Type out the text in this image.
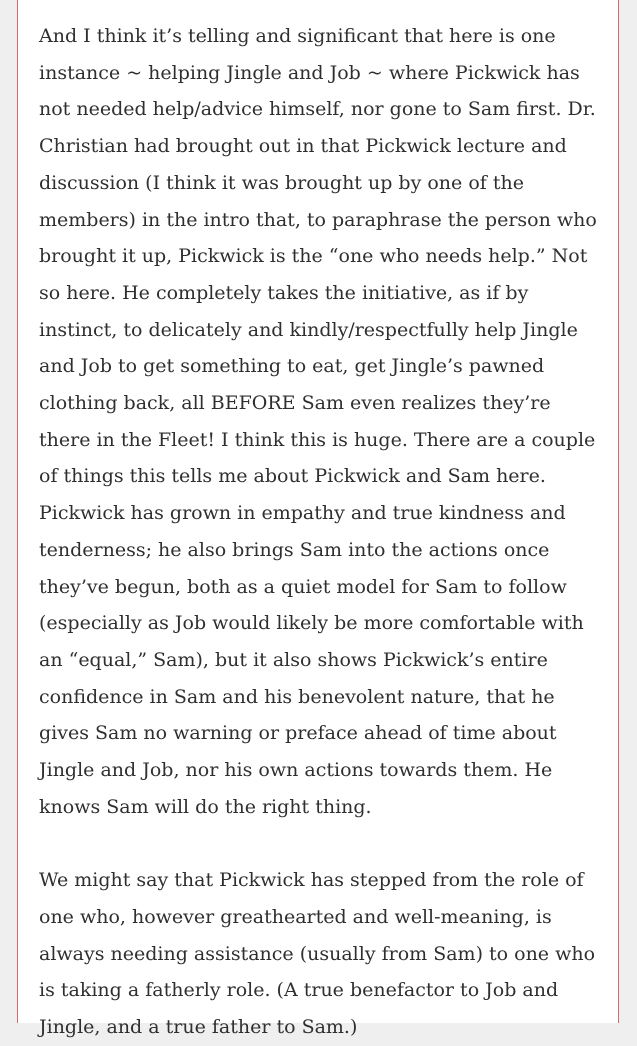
And I think it’s telling and significant that here is one instance ~ helping Jingle and Job ~ where Pickwick has not needed help/advice himself, nor gone to Sam first. Dr. Christian had brought out in that Pickwick lecture and discussion (I think it was brought up by one of the members) in the intro that, to paraphrase the person who brought it up, Pickwick is the “one who needs help.” Not so here. He completely takes the initiative, as if by instinct, to delicately and kindly/respectfully help Jingle and Job to get something to eat, get Jingle’s pawned clothing back, all BEFORE Sam even realizes they’re there in the Fleet! I think this is huge. There are a couple of things this tells me about Pickwick and Sam here. Pickwick has grown in empathy and true kindness and tenderness; he also brings Sam into the actions once they’ve begun, both as a quiet model for Sam to follow (especially as Job would likely be more comfortable with an “equal,” Sam), but it also shows Pickwick’s entire confidence in Sam and his benevolent nature, that he gives Sam no warning or preface ahead of time about Jingle and Job, nor his own actions towards them. He knows Sam will do the right thing.

We might say that Pickwick has stepped from the role of one who, however greathearted and well-meaning, is always needing assistance (usually from Sam) to one who is taking a fatherly role. (A true benefactor to Job and Jingle, and a true father to Sam.)
